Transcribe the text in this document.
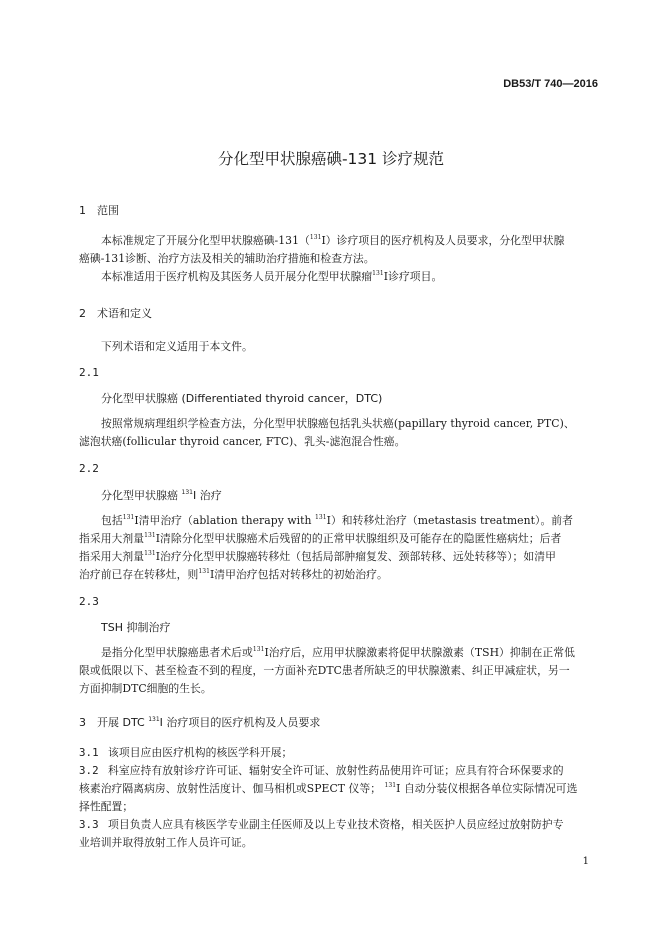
DB53/T 740—2016
分化型甲状腺癌碘-131 诊疗规范
1 范围
本标准规定了开展分化型甲状腺癌碘-131（$^{131}$I）诊疗项目的医疗机构及人员要求，分化型甲状腺
癌碘-131诊断、治疗方法及相关的辅助治疗措施和检查方法。
本标准适用于医疗机构及其医务人员开展分化型甲状腺瘤$^{131}$I诊疗项目。
2 术语和定义
下列术语和定义适用于本文件。
2.1
分化型甲状腺癌 (Differentiated thyroid cancer，DTC)
按照常规病理组织学检查方法，分化型甲状腺癌包括乳头状癌(papillary thyroid cancer, PTC)、
滤泡状癌(follicular thyroid cancer, FTC)、乳头-滤泡混合性癌。
2.2
分化型甲状腺癌 $^{131}$I 治疗
包括$^{131}$I清甲治疗（ablation therapy with $^{131}$I）和转移灶治疗（metastasis treatment）。前者
指采用大剂量$^{131}$I清除分化型甲状腺癌术后残留的的正常甲状腺组织及可能存在的隐匿性癌病灶；后者
指采用大剂量$^{131}$I治疗分化型甲状腺癌转移灶（包括局部肿瘤复发、颈部转移、远处转移等）；如清甲
治疗前已存在转移灶，则$^{131}$I清甲治疗包括对转移灶的初始治疗。
2.3
TSH 抑制治疗
是指分化型甲状腺癌患者术后或$^{131}$I治疗后，应用甲状腺激素将促甲状腺激素（TSH）抑制在正常低
限或低限以下、甚至检查不到的程度，一方面补充DTC患者所缺乏的甲状腺激素、纠正甲减症状，另一
方面抑制DTC细胞的生长。
3 开展 DTC $^{131}$I 治疗项目的医疗机构及人员要求
3.1 该项目应由医疗机构的核医学科开展；
3.2 科室应持有放射诊疗许可证、辐射安全许可证、放射性药品使用许可证；应具有符合环保要求的
核素治疗隔离病房、放射性活度计、伽马相机或SPECT 仪等； $^{131}$I 自动分装仪根据各单位实际情况可选
择性配置；
3.3 项目负责人应具有核医学专业副主任医师及以上专业技术资格，相关医护人员应经过放射防护专
业培训并取得放射工作人员许可证。
1
